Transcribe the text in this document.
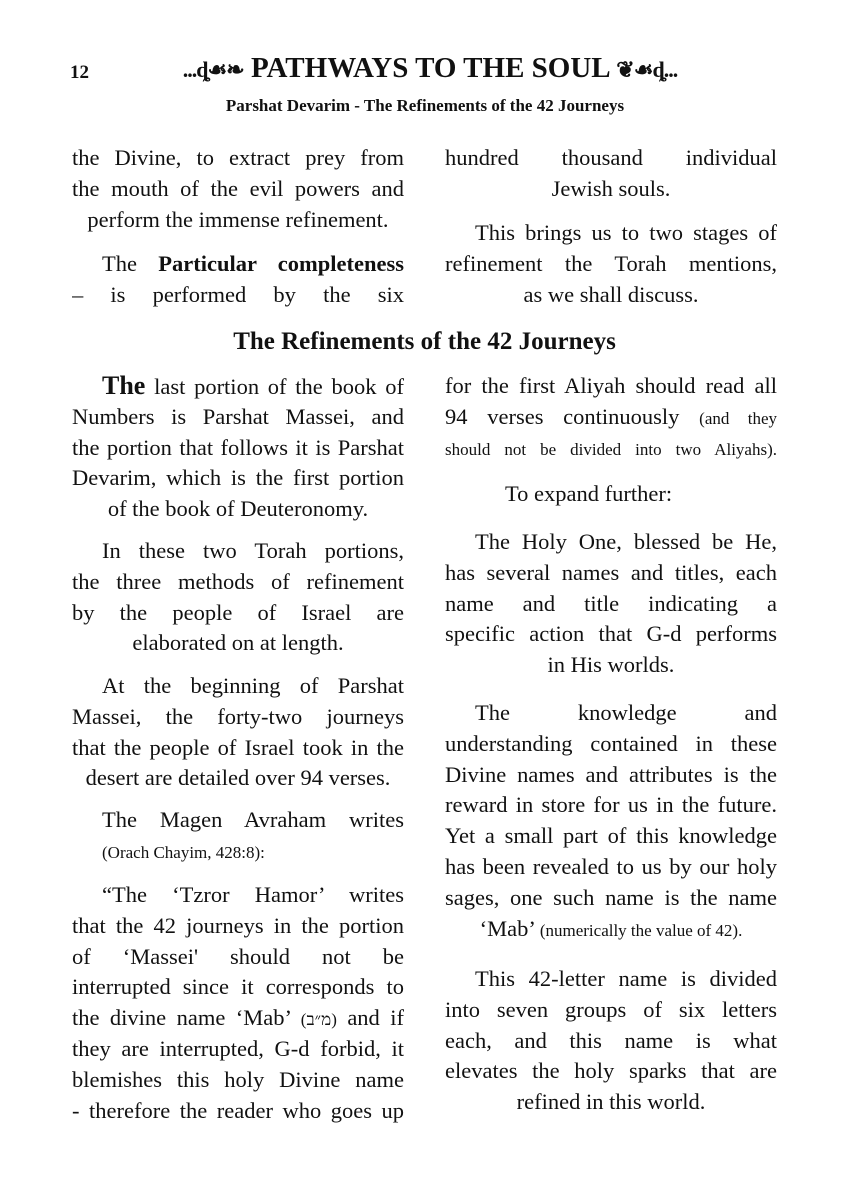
12	...ȡ☙❧ PATHWAYS TO THE SOUL ❦☙ȡ...
Parshat Devarim - The Refinements of the 42 Journeys
the Divine, to extract prey from
the mouth of the evil powers and
perform the immense refinement.
The Particular completeness
– is performed by the six
hundred thousand individual
Jewish souls.
This brings us to two stages of
refinement the Torah mentions,
as we shall discuss.
The Refinements of the 42 Journeys
The last portion of the book of
Numbers is Parshat Massei, and
the portion that follows it is Parshat
Devarim, which is the first portion
of the book of Deuteronomy.
In these two Torah portions,
the three methods of refinement
by the people of Israel are
elaborated on at length.
At the beginning of Parshat
Massei, the forty-two journeys
that the people of Israel took in the
desert are detailed over 94 verses.
The Magen Avraham writes
(Orach Chayim, 428:8):
“The ‘Tzror Hamor’ writes
that the 42 journeys in the portion
of ‘Massei' should not be
interrupted since it corresponds to
the divine name ‘Mab’ (מ״ב) and if
they are interrupted, G-d forbid, it
blemishes this holy Divine name
- therefore the reader who goes up
for the first Aliyah should read all
94 verses continuously (and they
should not be divided into two Aliyahs).
To expand further:
The Holy One, blessed be He,
has several names and titles, each
name and title indicating a
specific action that G-d performs
in His worlds.
The knowledge and
understanding contained in these
Divine names and attributes is the
reward in store for us in the future.
Yet a small part of this knowledge
has been revealed to us by our holy
sages, one such name is the name
‘Mab’ (numerically the value of 42).
This 42-letter name is divided
into seven groups of six letters
each, and this name is what
elevates the holy sparks that are
refined in this world.
